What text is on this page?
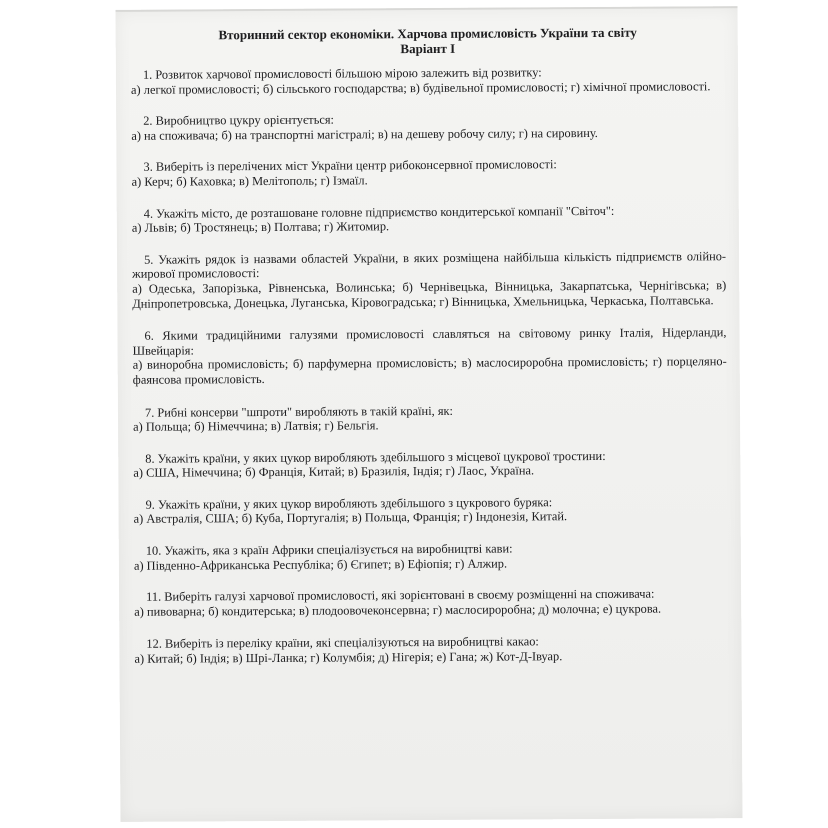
Вторинний сектор економіки. Харчова промисловість України та світу

Варіант І

1. Розвиток харчової промисловості більшою мірою залежить від розвитку:

а) легкої промисловості; б) сільського господарства; в) будівельної промисловості; г) хімічної промисловості.

2. Виробництво цукру орієнтується:

а) на споживача; б) на транспортні магістралі; в) на дешеву робочу силу; г) на сировину.

3. Виберіть із перелічених міст України центр рибоконсервної промисловості:

а) Керч; б) Каховка; в) Мелітополь; г) Ізмаїл.

4. Укажіть місто, де розташоване головне підприємство кондитерської компанії "Світоч":

а) Львів; б) Тростянець; в) Полтава; г) Житомир.

5. Укажіть рядок із назвами областей України, в яких розміщена найбільша кількість підприємств олійно-жирової промисловості:

а) Одеська, Запорізька, Рівненська, Волинська; б) Чернівецька, Вінницька, Закарпатська, Чернігівська; в) Дніпропетровська, Донецька, Луганська, Кіровоградська; г) Вінницька, Хмельницька, Черкаська, Полтавська.

6. Якими традиційними галузями промисловості славляться на світовому ринку Італія, Нідерланди, Швейцарія:

а) виноробна промисловість; б) парфумерна промисловість; в) маслосироробна промисловість; г) порцеляно-фаянсова промисловість.

7. Рибні консерви "шпроти" виробляють в такій країні, як:

а) Польща; б) Німеччина; в) Латвія; г) Бельгія.

8. Укажіть країни, у яких цукор виробляють здебільшого з місцевої цукрової тростини:

а) США, Німеччина; б) Франція, Китай; в) Бразилія, Індія; г) Лаос, Україна.

9. Укажіть країни, у яких цукор виробляють здебільшого з цукрового буряка:

а) Австралія, США; б) Куба, Португалія; в) Польща, Франція; г) Індонезія, Китай.

10. Укажіть, яка з країн Африки спеціалізується на виробництві кави:

а) Південно-Африканська Республіка; б) Єгипет; в) Ефіопія; г) Алжир.

11. Виберіть галузі харчової промисловості, які зорієнтовані в своєму розміщенні на споживача:

а) пивоварна; б) кондитерська; в) плодоовочеконсервна; г) маслосироробна; д) молочна; е) цукрова.

12. Виберіть із переліку країни, які спеціалізуються на виробництві какао:

а) Китай; б) Індія; в) Шрі-Ланка; г) Колумбія; д) Нігерія; е) Гана; ж) Кот-Д-Івуар.
